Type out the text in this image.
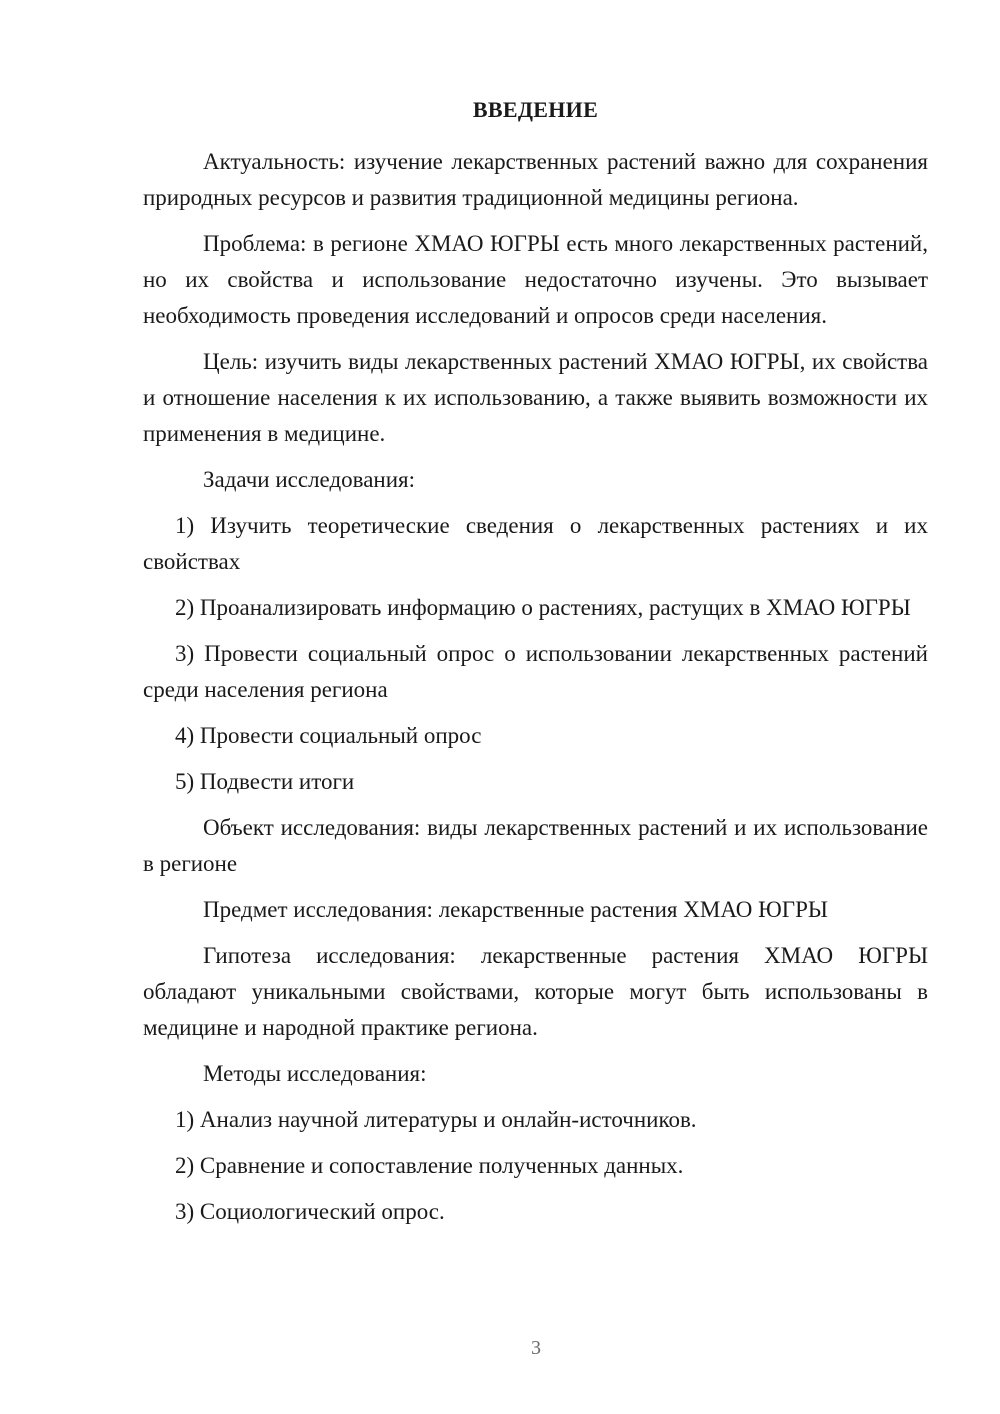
ВВЕДЕНИЕ

Актуальность: изучение лекарственных растений важно для сохранения природных ресурсов и развития традиционной медицины региона.

Проблема: в регионе ХМАО ЮГРЫ есть много лекарственных растений, но их свойства и использование недостаточно изучены. Это вызывает необходимость проведения исследований и опросов среди населения.

Цель: изучить виды лекарственных растений ХМАО ЮГРЫ, их свойства и отношение населения к их использованию, а также выявить возможности их применения в медицине.

Задачи исследования:

1) Изучить теоретические сведения о лекарственных растениях и их свойствах

2) Проанализировать информацию о растениях, растущих в ХМАО ЮГРЫ

3) Провести социальный опрос о использовании лекарственных растений среди населения региона

4) Провести социальный опрос

5) Подвести итоги

Объект исследования: виды лекарственных растений и их использование в регионе

Предмет исследования: лекарственные растения ХМАО ЮГРЫ

Гипотеза исследования: лекарственные растения ХМАО ЮГРЫ обладают уникальными свойствами, которые могут быть использованы в медицине и народной практике региона.

Методы исследования:

1) Анализ научной литературы и онлайн-источников.

2) Сравнение и сопоставление полученных данных.

3) Социологический опрос.

3
